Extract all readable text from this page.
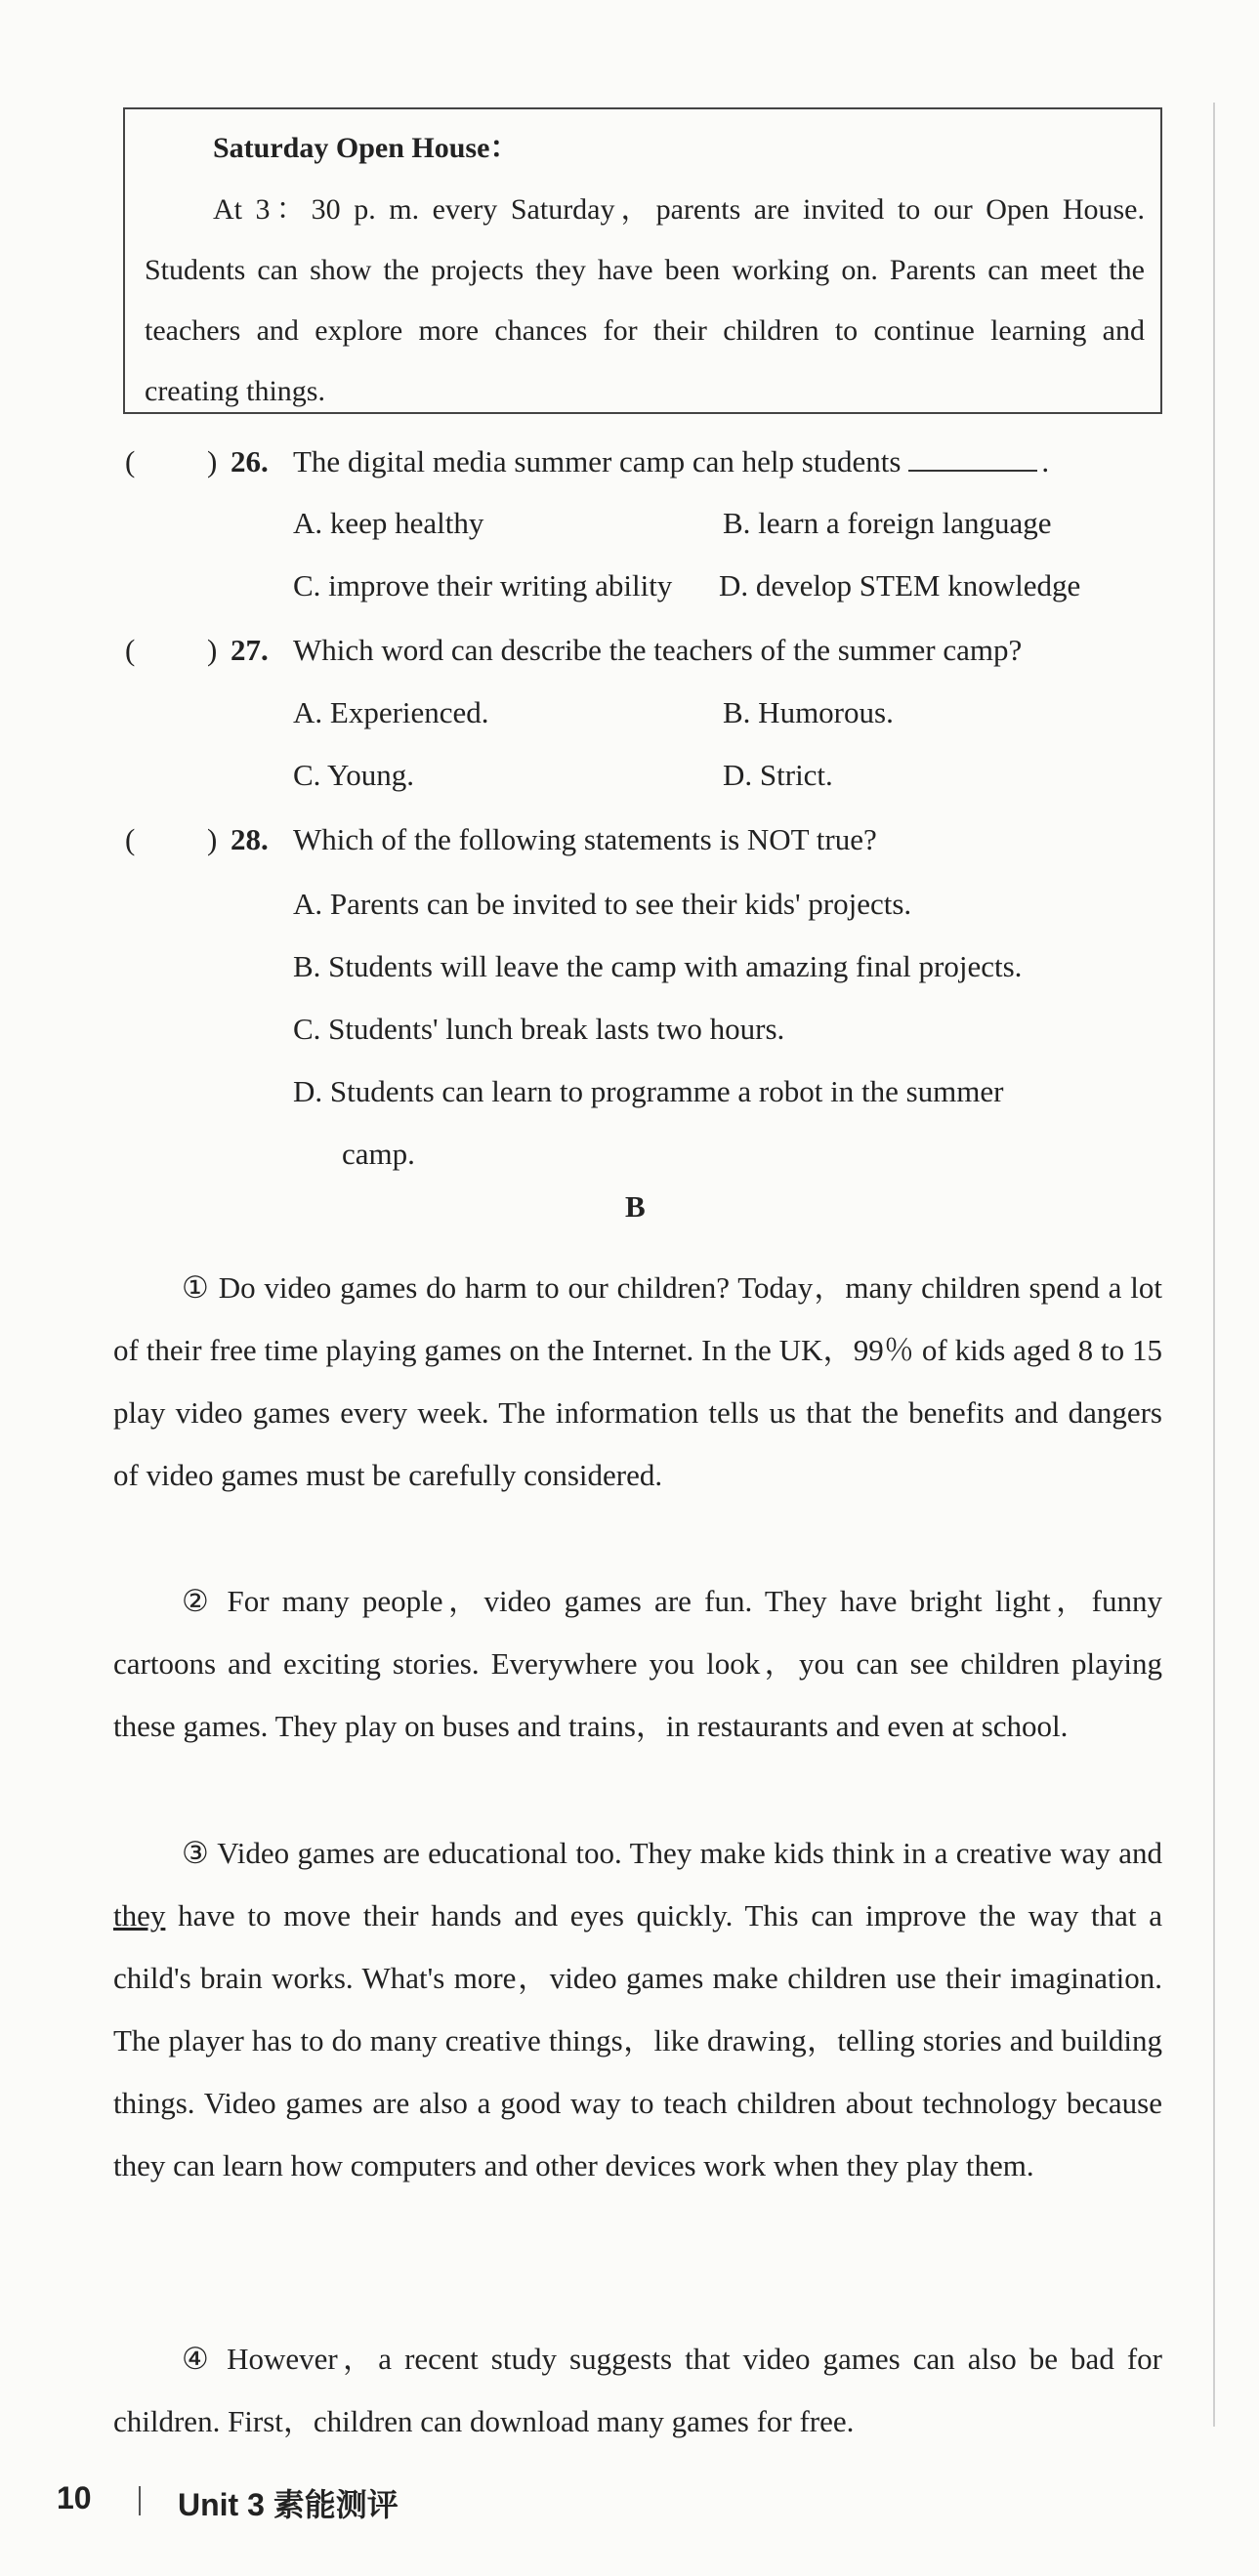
Saturday Open House：
At 3：30 p. m. every Saturday，parents are invited to our Open House. Students can show the projects they have been working on. Parents can meet the teachers and explore more chances for their children to continue learning and creating things.
( ) 26. The digital media summer camp can help students	.
A. keep healthy	B. learn a foreign language
C. improve their writing ability D. develop STEM knowledge
( ) 27. Which word can describe the teachers of the summer camp?
A. Experienced.	B. Humorous.
C. Young.	D. Strict.
( ) 28. Which of the following statements is NOT true?
A. Parents can be invited to see their kids' projects.
B. Students will leave the camp with amazing final projects.
C. Students' lunch break lasts two hours.
D. Students can learn to programme a robot in the summer
camp.
B
① Do video games do harm to our children? Today，many children spend a lot of their free time playing games on the Internet. In the UK，99％ of kids aged 8 to 15 play video games every week. The information tells us that the benefits and dangers of video games must be carefully considered.
② For many people，video games are fun. They have bright light，funny cartoons and exciting stories. Everywhere you look，you can see children playing these games. They play on buses and trains，in restaurants and even at school.
③ Video games are educational too. They make kids think in a creative way and they have to move their hands and eyes quickly. This can improve the way that a child's brain works. What's more，video games make children use their imagination. The player has to do many creative things，like drawing，telling stories and building things. Video games are also a good way to teach children about technology because they can learn how computers and other devices work when they play them.
④ However，a recent study suggests that video games can also be bad for children. First，children can download many games for free.
10	Unit 3 素能测评
